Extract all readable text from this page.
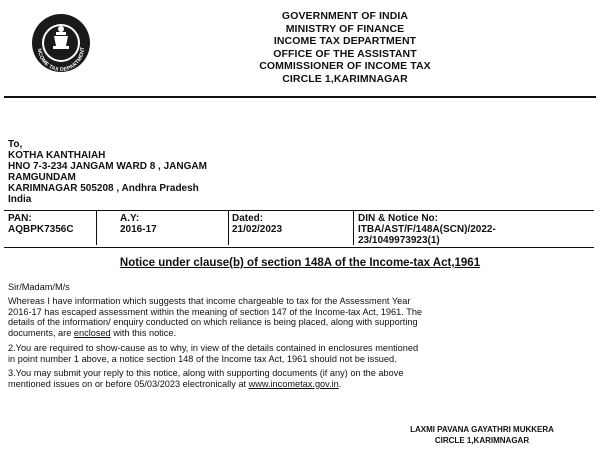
NCOME TAX DEPARTMENT
GOVERNMENT OF INDIA
MINISTRY OF FINANCE
INCOME TAX DEPARTMENT
OFFICE OF THE ASSISTANT
COMMISSIONER OF INCOME TAX
CIRCLE 1,KARIMNAGAR
To,
KOTHA KANTHAIAH
HNO 7-3-234 JANGAM WARD 8 , JANGAM
RAMGUNDAM
KARIMNAGAR 505208 , Andhra Pradesh
India
PAN:
AQBPK7356C
A.Y:
2016-17
Dated:
21/02/2023
DIN & Notice No:
ITBA/AST/F/148A(SCN)/2022-
23/1049973923(1)
Notice under clause(b) of section 148A of the Income-tax Act,1961
Sir/Madam/M/s
Whereas I have information which suggests that income chargeable to tax for the Assessment Year
2016-17 has escaped assessment within the meaning of section 147 of the Income-tax Act, 1961. The
details of the information/ enquiry conducted on which reliance is being placed, along with supporting
documents, are enclosed with this notice.
2.You are required to show-cause as to why, in view of the details contained in enclosures mentioned
in point number 1 above, a notice section 148 of the Income tax Act, 1961 should not be issued.
3.You may submit your reply to this notice, along with supporting documents (if any) on the above
mentioned issues on or before 05/03/2023 electronically at www.incometax.gov.in.
LAXMI PAVANA GAYATHRI MUKKERA
CIRCLE 1,KARIMNAGAR
